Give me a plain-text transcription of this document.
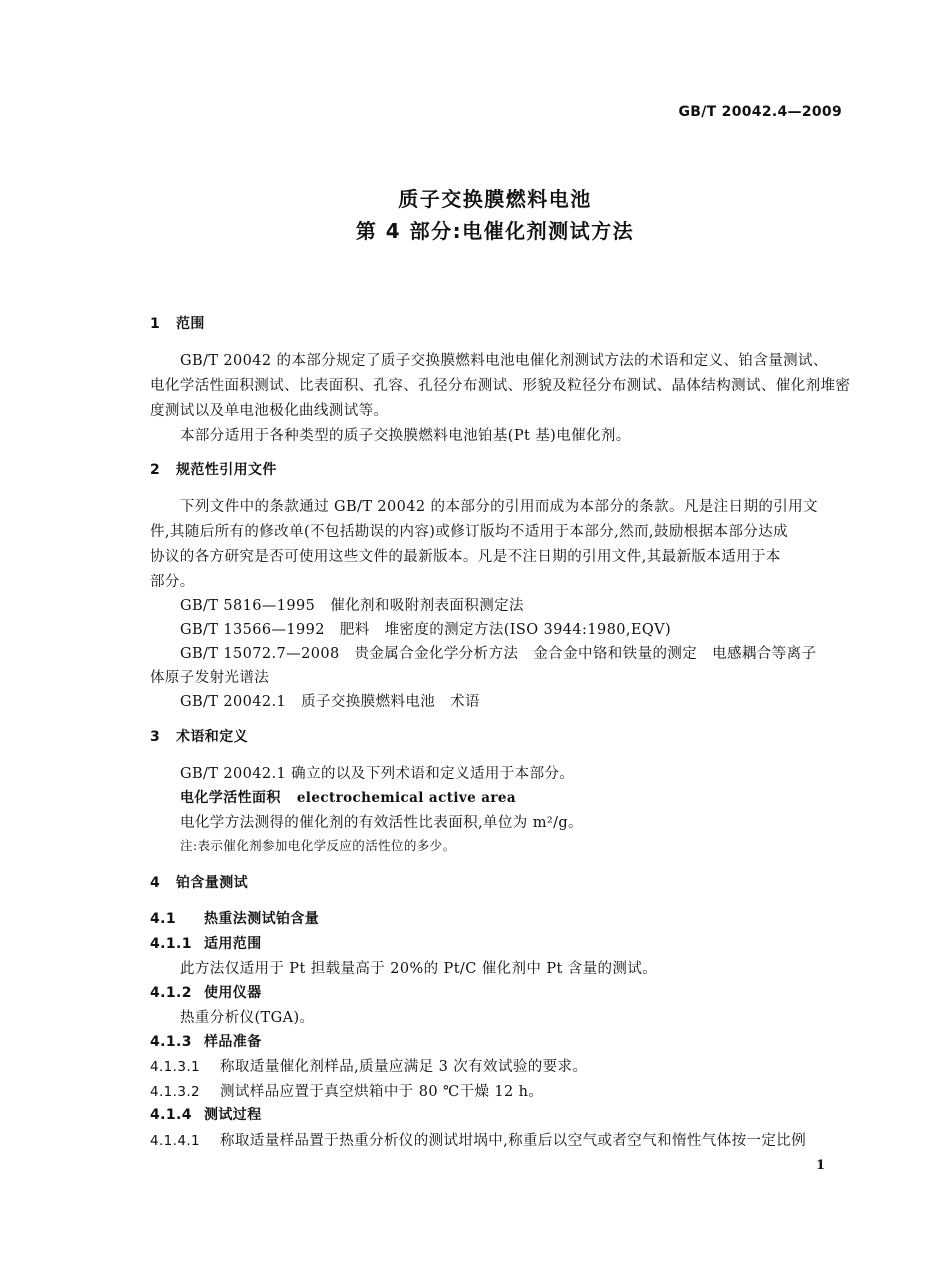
GB/T 20042.4—2009
质子交换膜燃料电池
第 4 部分:电催化剂测试方法
1 范围
GB/T 20042 的本部分规定了质子交换膜燃料电池电催化剂测试方法的术语和定义、铂含量测试、
电化学活性面积测试、比表面积、孔容、孔径分布测试、形貌及粒径分布测试、晶体结构测试、催化剂堆密
度测试以及单电池极化曲线测试等。
本部分适用于各种类型的质子交换膜燃料电池铂基(Pt 基)电催化剂。
2 规范性引用文件
下列文件中的条款通过 GB/T 20042 的本部分的引用而成为本部分的条款。凡是注日期的引用文
件,其随后所有的修改单(不包括勘误的内容)或修订版均不适用于本部分,然而,鼓励根据本部分达成
协议的各方研究是否可使用这些文件的最新版本。凡是不注日期的引用文件,其最新版本适用于本
部分。
GB/T 5816—1995　催化剂和吸附剂表面积测定法
GB/T 13566—1992　肥料　堆密度的测定方法(ISO 3944:1980,EQV)
GB/T 15072.7—2008　贵金属合金化学分析方法　金合金中铬和铁量的测定　电感耦合等离子
体原子发射光谱法
GB/T 20042.1　质子交换膜燃料电池　术语
3 术语和定义
GB/T 20042.1 确立的以及下列术语和定义适用于本部分。
电化学活性面积 electrochemical active area
电化学方法测得的催化剂的有效活性比表面积,单位为 m²/g。
注:表示催化剂参加电化学反应的活性位的多少。
4 铂含量测试
4.1 热重法测试铂含量
4.1.1 适用范围
此方法仅适用于 Pt 担载量高于 20%的 Pt/C 催化剂中 Pt 含量的测试。
4.1.2 使用仪器
热重分析仪(TGA)。
4.1.3 样品准备
4.1.3.1 称取适量催化剂样品,质量应满足 3 次有效试验的要求。
4.1.3.2 测试样品应置于真空烘箱中于 80 ℃干燥 12 h。
4.1.4 测试过程
4.1.4.1 称取适量样品置于热重分析仪的测试坩埚中,称重后以空气或者空气和惰性气体按一定比例
1
